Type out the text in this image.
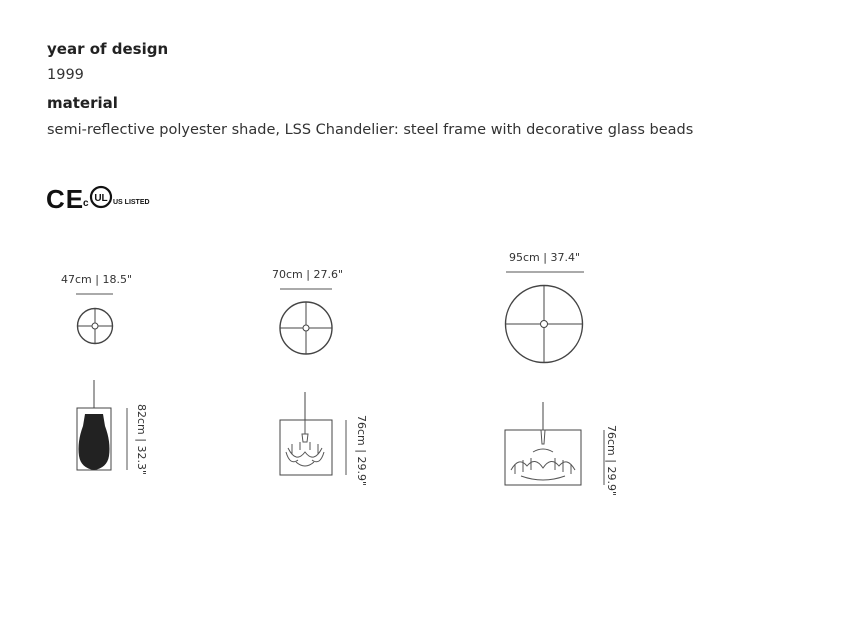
year of design
1999
material
semi-reflective polyester shade, LSS Chandelier: steel frame with decorative glass beads
CE
c UL US LISTED
47cm | 18.5"
82cm | 32.3"
70cm | 27.6"
76cm | 29.9"
95cm | 37.4"
76cm | 29.9"
